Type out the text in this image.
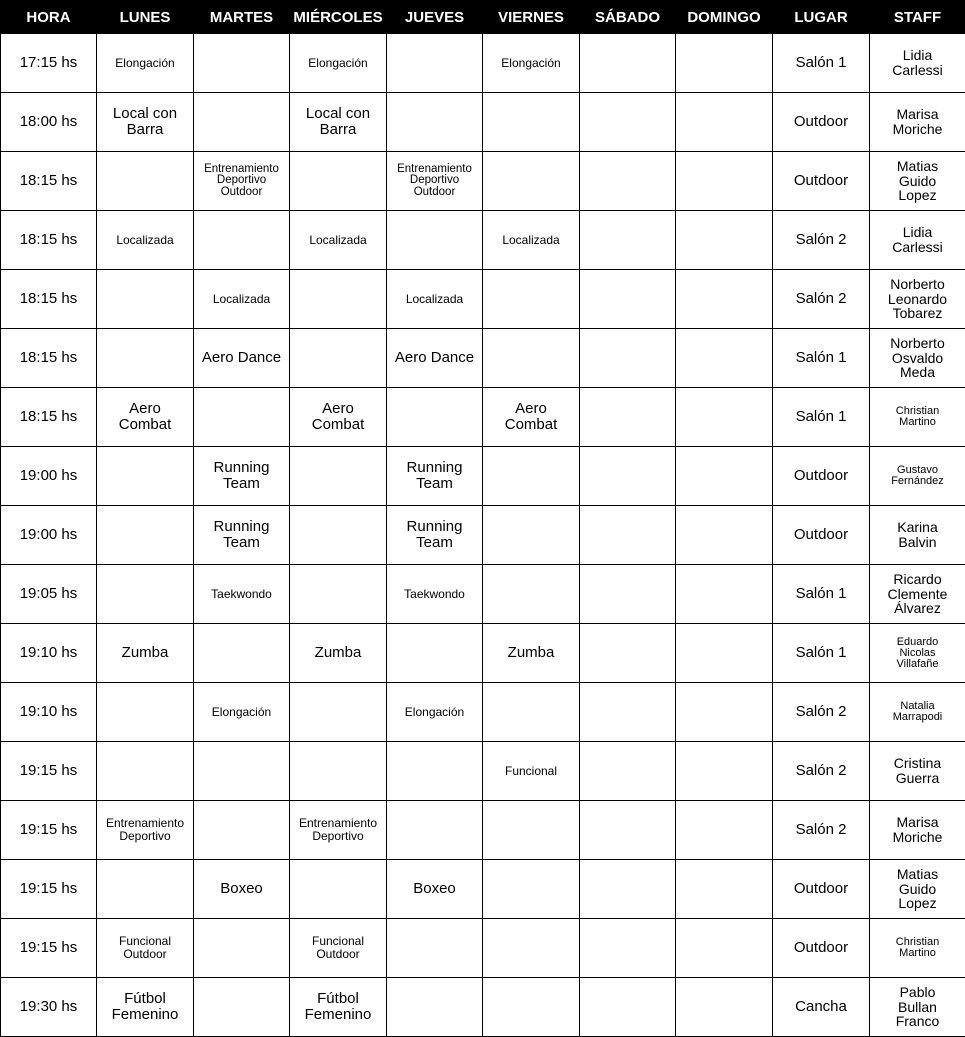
HORA	LUNES	MARTES	MIÉRCOLES	JUEVES	VIERNES	SÁBADO	DOMINGO	LUGAR	STAFF
17:15 hs	Elongación		Elongación		Elongación			Salón 1	Lidia
Carlessi
18:00 hs	Local con
Barra		Local con
Barra					Outdoor	Marisa
Moriche
18:15 hs		Entrenamiento
Deportivo
Outdoor		Entrenamiento
Deportivo
Outdoor				Outdoor	Matias
Guido
Lopez
18:15 hs	Localizada		Localizada		Localizada			Salón 2	Lidia
Carlessi
18:15 hs		Localizada		Localizada				Salón 2	Norberto
Leonardo
Tobarez
18:15 hs		Aero Dance		Aero Dance				Salón 1	Norberto
Osvaldo
Meda
18:15 hs	Aero
Combat		Aero
Combat		Aero
Combat			Salón 1	Christian
Martino
19:00 hs		Running
Team		Running
Team				Outdoor	Gustavo
Fernández
19:00 hs		Running
Team		Running
Team				Outdoor	Karina
Balvin
19:05 hs		Taekwondo		Taekwondo				Salón 1	Ricardo
Clemente
Álvarez
19:10 hs	Zumba		Zumba		Zumba			Salón 1	Eduardo
Nicolas
Villafañe
19:10 hs		Elongación		Elongación				Salón 2	Natalia
Marrapodi
19:15 hs					Funcional			Salón 2	Cristina
Guerra
19:15 hs	Entrenamiento
Deportivo		Entrenamiento
Deportivo					Salón 2	Marisa
Moriche
19:15 hs		Boxeo		Boxeo				Outdoor	Matias
Guido
Lopez
19:15 hs	Funcional
Outdoor		Funcional
Outdoor					Outdoor	Christian
Martino
19:30 hs	Fútbol
Femenino		Fútbol
Femenino					Cancha	Pablo
Bullan
Franco
